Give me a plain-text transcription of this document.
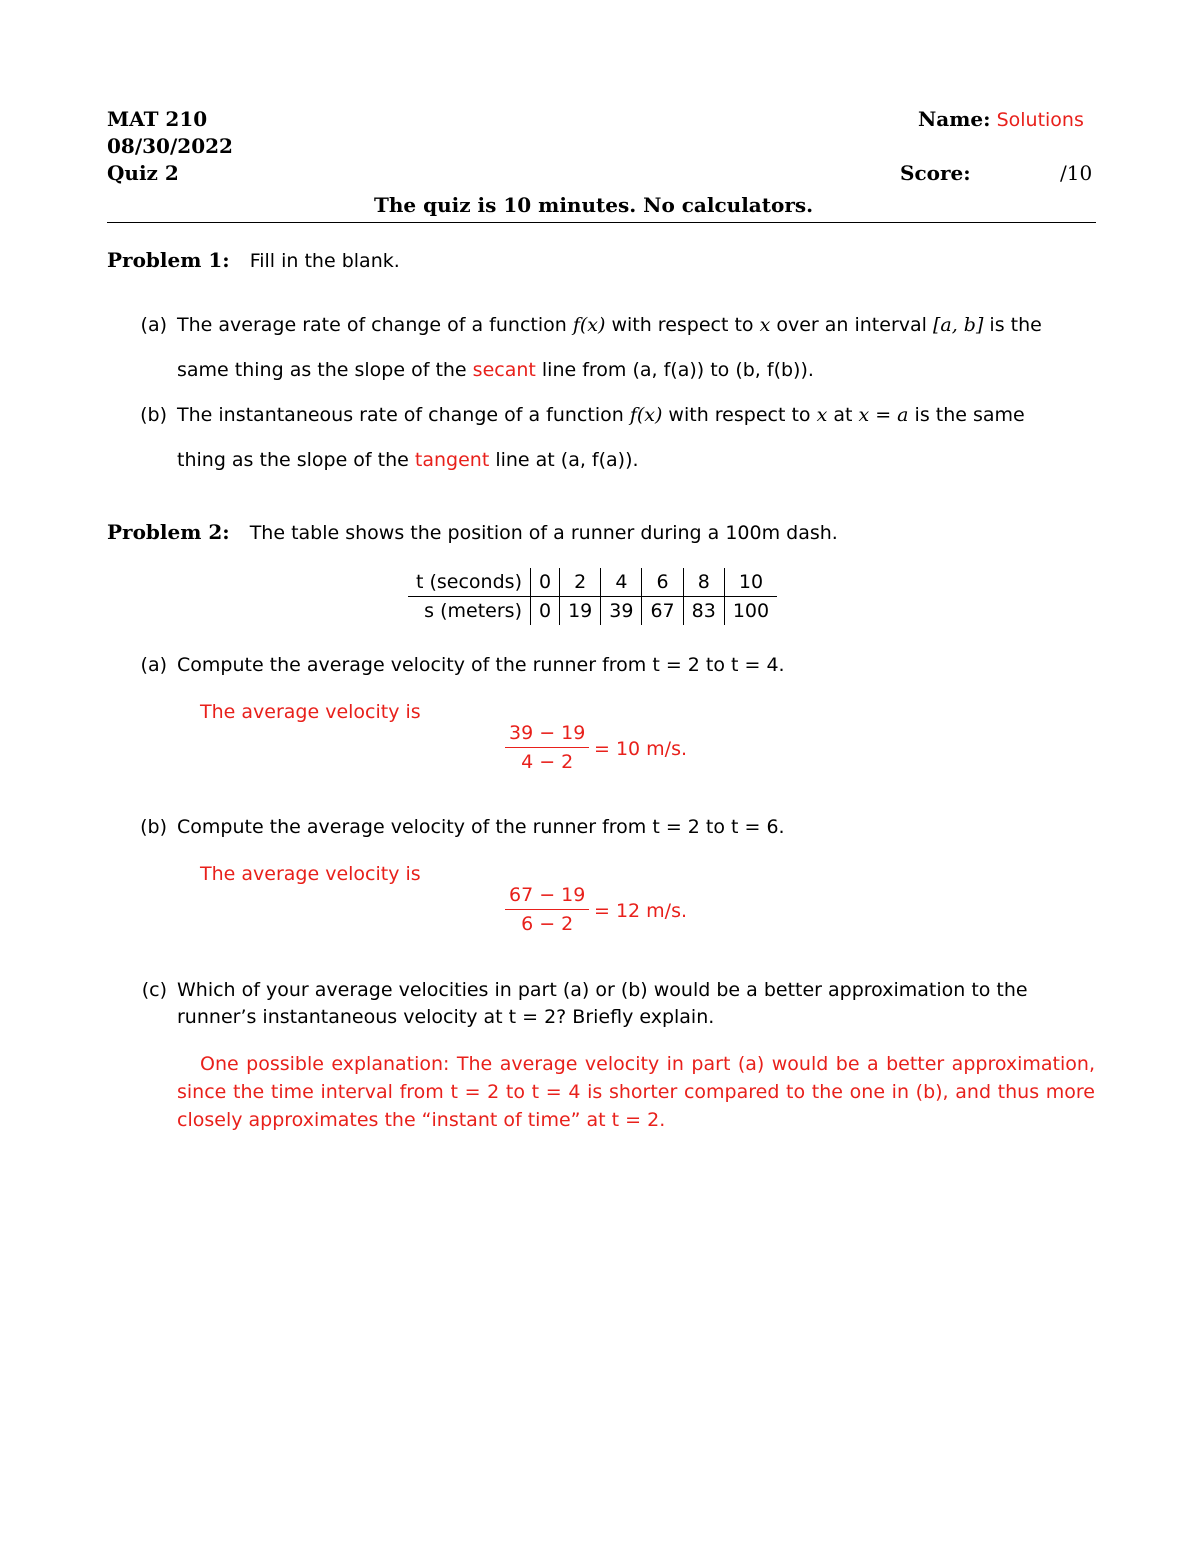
MAT 210
08/30/2022
Quiz 2
Name: Solutions
Score:	/10
The quiz is 10 minutes. No calculators.
Problem 1: Fill in the blank.
(a) The average rate of change of a function f(x) with respect to x over an interval [a, b] is the
same thing as the slope of the secant line from (a, f(a)) to (b, f(b)).
(b) The instantaneous rate of change of a function f(x) with respect to x at x = a is the same
thing as the slope of the tangent line at (a, f(a)).
Problem 2: The table shows the position of a runner during a 100m dash.
t (seconds)	0	2	4	6	8	10
s (meters)	0	19	39	67	83	100
(a) Compute the average velocity of the runner from t = 2 to t = 4.
The average velocity is
$\frac{39 - 19}{4 - 2} = 10$ m/s.
(b) Compute the average velocity of the runner from t = 2 to t = 6.
The average velocity is
$\frac{67 - 19}{6 - 2} = 12$ m/s.
(c) Which of your average velocities in part (a) or (b) would be a better approximation to the
runner’s instantaneous velocity at t = 2? Briefly explain.
One possible explanation: The average velocity in part (a) would be a better approximation, since the time interval from t = 2 to t = 4 is shorter compared to the one in (b), and thus more closely approximates the “instant of time” at t = 2.
